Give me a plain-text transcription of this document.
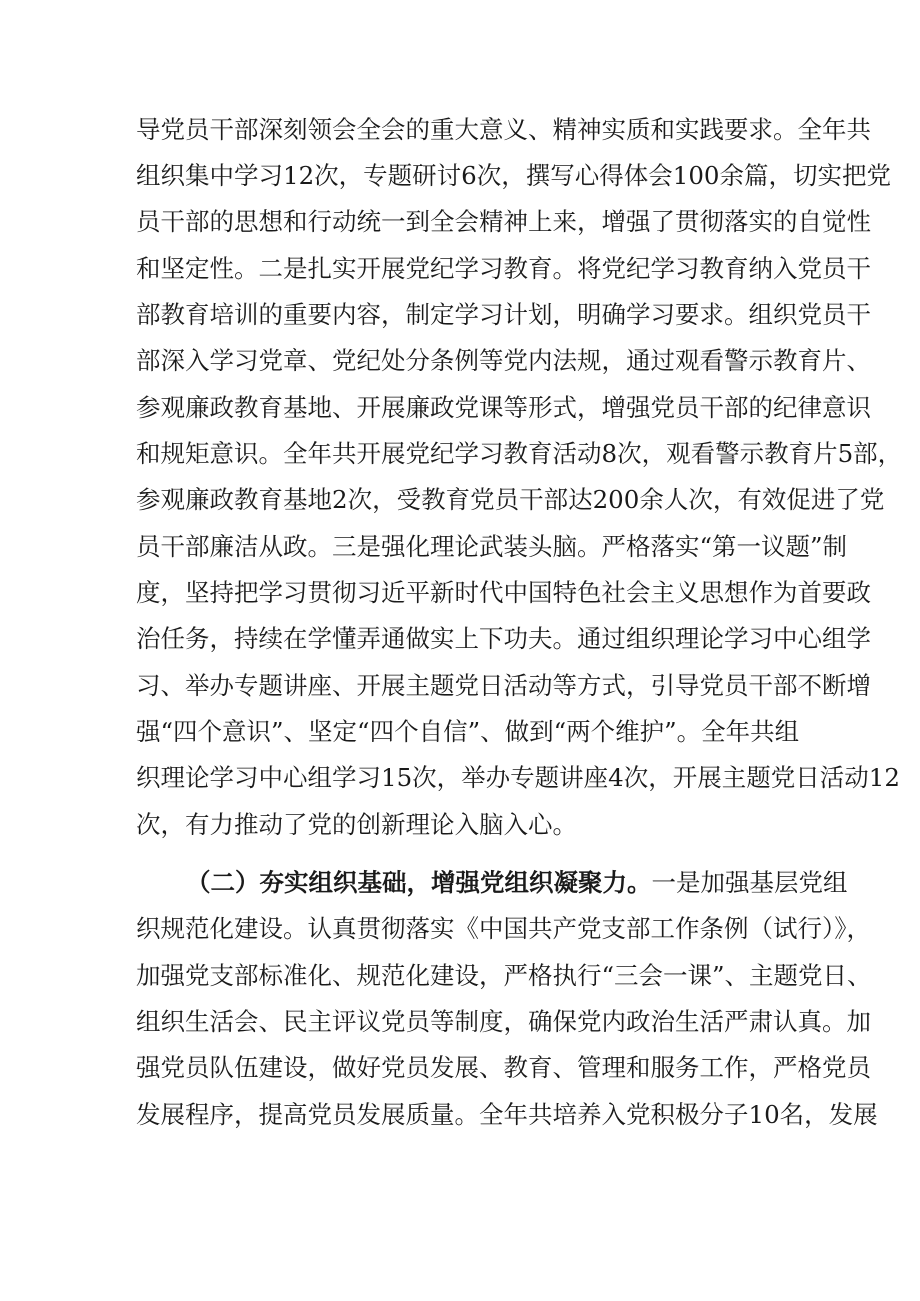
导党员干部深刻领会全会的重大意义、精神实质和实践要求。全年共
组织集中学习12次，专题研讨6次，撰写心得体会100余篇，切实把党
员干部的思想和行动统一到全会精神上来，增强了贯彻落实的自觉性
和坚定性。二是扎实开展党纪学习教育。将党纪学习教育纳入党员干
部教育培训的重要内容，制定学习计划，明确学习要求。组织党员干
部深入学习党章、党纪处分条例等党内法规，通过观看警示教育片、
参观廉政教育基地、开展廉政党课等形式，增强党员干部的纪律意识
和规矩意识。全年共开展党纪学习教育活动8次，观看警示教育片5部，
参观廉政教育基地2次，受教育党员干部达200余人次，有效促进了党
员干部廉洁从政。三是强化理论武装头脑。严格落实“第一议题”制
度，坚持把学习贯彻习近平新时代中国特色社会主义思想作为首要政
治任务，持续在学懂弄通做实上下功夫。通过组织理论学习中心组学
习、举办专题讲座、开展主题党日活动等方式，引导党员干部不断增
强“四个意识”、坚定“四个自信”、做到“两个维护”。全年共组
织理论学习中心组学习15次，举办专题讲座4次，开展主题党日活动12
次，有力推动了党的创新理论入脑入心。
（二）夯实组织基础，增强党组织凝聚力。一是加强基层党组
织规范化建设。认真贯彻落实《中国共产党支部工作条例（试行）》，
加强党支部标准化、规范化建设，严格执行“三会一课”、主题党日、
组织生活会、民主评议党员等制度，确保党内政治生活严肃认真。加
强党员队伍建设，做好党员发展、教育、管理和服务工作，严格党员
发展程序，提高党员发展质量。全年共培养入党积极分子10名，发展
